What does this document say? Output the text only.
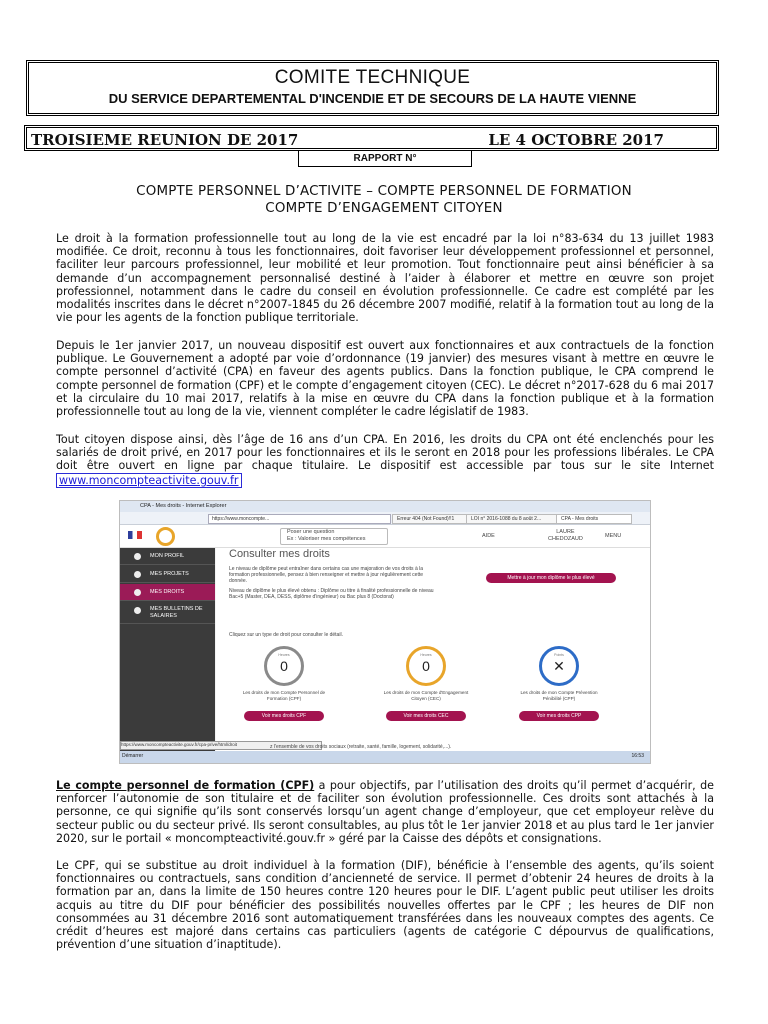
COMITE TECHNIQUE
DU SERVICE DEPARTEMENTAL D'INCENDIE ET DE SECOURS DE LA HAUTE VIENNE
TROISIEME REUNION DE 2017	LE 4 OCTOBRE 2017
RAPPORT N°
COMPTE PERSONNEL D’ACTIVITE – COMPTE PERSONNEL DE FORMATION
COMPTE D’ENGAGEMENT CITOYEN
Le droit à la formation professionnelle tout au long de la vie est encadré par la loi n°83-634 du 13 juillet 1983 modifiée. Ce droit, reconnu à tous les fonctionnaires, doit favoriser leur développement professionnel et personnel, faciliter leur parcours professionnel, leur mobilité et leur promotion. Tout fonctionnaire peut ainsi bénéficier à sa demande d’un accompagnement personnalisé destiné à l’aider à élaborer et mettre en œuvre son projet professionnel, notamment dans le cadre du conseil en évolution professionnelle. Ce cadre est complété par les modalités inscrites dans le décret n°2007-1845 du 26 décembre 2007 modifié, relatif à la formation tout au long de la vie pour les agents de la fonction publique territoriale.
Depuis le 1er janvier 2017, un nouveau dispositif est ouvert aux fonctionnaires et aux contractuels de la fonction publique. Le Gouvernement a adopté par voie d’ordonnance (19 janvier) des mesures visant à mettre en œuvre le compte personnel d’activité (CPA) en faveur des agents publics. Dans la fonction publique, le CPA comprend le compte personnel de formation (CPF) et le compte d’engagement citoyen (CEC). Le décret n°2017-628 du 6 mai 2017 et la circulaire du 10 mai 2017, relatifs à la mise en œuvre du CPA dans la fonction publique et à la formation professionnelle tout au long de la vie, viennent compléter le cadre législatif de 1983.
Tout citoyen dispose ainsi, dès l’âge de 16 ans d’un CPA. En 2016, les droits du CPA ont été enclenchés pour les salariés de droit privé, en 2017 pour les fonctionnaires et ils le seront en 2018 pour les professions libérales. Le CPA doit être ouvert en ligne par chaque titulaire. Le dispositif est accessible par tous sur le site Internet www.moncompteactivite.gouv.fr
CPA - Mes droits - Internet Explorer
https://www.moncompte...	Erreur 404 (Not Found)!!1	LOI n° 2016-1088 du 8 août 2...	CPA - Mes droits
Poser une question
Ex : Valoriser mes compétences	AIDE
LAURE
CHEDOZAUD	MENU
MON PROFIL
MES PROJETS
MES DROITS
MES BULLETINS DE SALAIRES
Consulter mes droits
Le niveau de diplôme peut entraîner dans certains cas une majoration de vos droits à la formation professionnelle, pensez à bien renseigner et mettre à jour régulièrement cette donnée.
Niveau de diplôme le plus élevé obtenu : Diplôme ou titre à finalité professionnelle de niveau Bac+5 (Master, DEA, DESS, diplôme d'ingénieur) ou Bac plus 8 (Doctorat)
Mettre à jour mon diplôme le plus élevé
Cliquez sur un type de droit pour consulter le détail.
Heures
0
Les droits de mon Compte Personnel de Formation (CPF)
Voir mes droits CPF
Heures
0
Les droits de mon Compte d'Engagement Citoyen (CEC)
Voir mes droits CEC
Points
✕
Les droits de mon Compte Prévention Pénibilité (CPP)
Voir mes droits CPP
https://www.moncompteactivite.gouv.fr/cpa-prive/html/droit	z l'ensemble de vos droits sociaux (retraite, santé, famille, logement, solidarité,...).
Démarrer	16:53
Le compte personnel de formation (CPF) a pour objectifs, par l’utilisation des droits qu’il permet d’acquérir, de renforcer l’autonomie de son titulaire et de faciliter son évolution professionnelle. Ces droits sont attachés à la personne, ce qui signifie qu’ils sont conservés lorsqu’un agent change d’employeur, que cet employeur relève du secteur public ou du secteur privé. Ils seront consultables, au plus tôt le 1er janvier 2018 et au plus tard le 1er janvier 2020, sur le portail « moncompteactivité.gouv.fr » géré par la Caisse des dépôts et consignations.
Le CPF, qui se substitue au droit individuel à la formation (DIF), bénéficie à l’ensemble des agents, qu’ils soient fonctionnaires ou contractuels, sans condition d’ancienneté de service. Il permet d’obtenir 24 heures de droits à la formation par an, dans la limite de 150 heures contre 120 heures pour le DIF. L’agent public peut utiliser les droits acquis au titre du DIF pour bénéficier des possibilités nouvelles offertes par le CPF ; les heures de DIF non consommées au 31 décembre 2016 sont automatiquement transférées dans les nouveaux comptes des agents. Ce crédit d’heures est majoré dans certains cas particuliers (agents de catégorie C dépourvus de qualifications, prévention d’une situation d’inaptitude).
